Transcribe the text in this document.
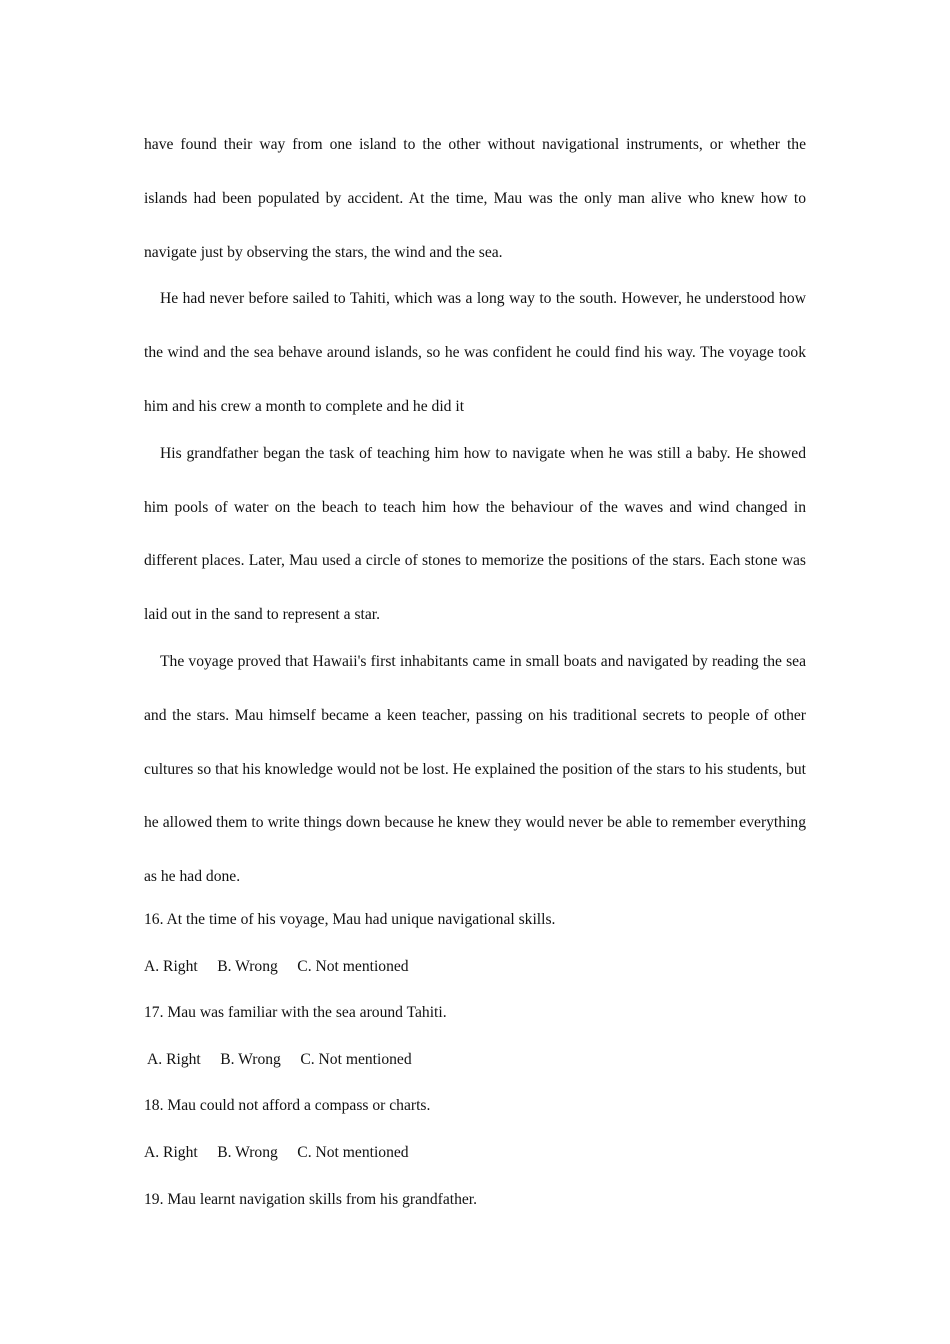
have found their way from one island to the other without navigational instruments, or whether the islands had been populated by accident. At the time, Mau was the only man alive who knew how to navigate just by observing the stars, the wind and the sea.

He had never before sailed to Tahiti, which was a long way to the south. However, he understood how the wind and the sea behave around islands, so he was confident he could find his way. The voyage took him and his crew a month to complete and he did it

His grandfather began the task of teaching him how to navigate when he was still a baby. He showed him pools of water on the beach to teach him how the behaviour of the waves and wind changed in different places. Later, Mau used a circle of stones to memorize the positions of the stars. Each stone was laid out in the sand to represent a star.

The voyage proved that Hawaii's first inhabitants came in small boats and navigated by reading the sea and the stars. Mau himself became a keen teacher, passing on his traditional secrets to people of other cultures so that his knowledge would not be lost. He explained the position of the stars to his students, but he allowed them to write things down because he knew they would never be able to remember everything as he had done.

16. At the time of his voyage, Mau had unique navigational skills.

A. Right     B. Wrong     C. Not mentioned

17. Mau was familiar with the sea around Tahiti.

A. Right     B. Wrong     C. Not mentioned

18. Mau could not afford a compass or charts.

A. Right     B. Wrong     C. Not mentioned

19. Mau learnt navigation skills from his grandfather.
